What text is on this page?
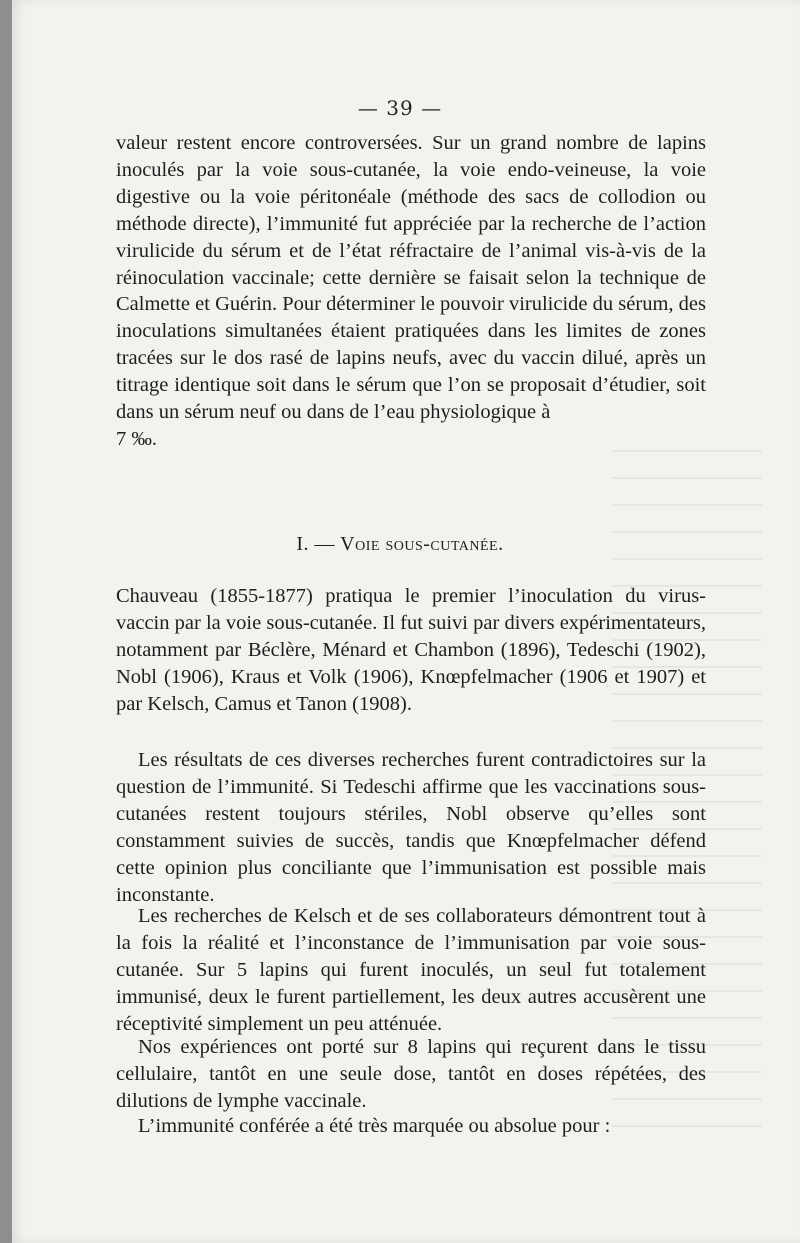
— 39 —
valeur restent encore controversées. Sur un grand nombre de lapins inoculés par la voie sous-cutanée, la voie endo-veineuse, la voie digestive ou la voie péritonéale (méthode des sacs de collodion ou méthode directe), l’immunité fut appréciée par la recherche de l’action virulicide du sérum et de l’état réfractaire de l’animal vis-à-vis de la réinoculation vaccinale; cette dernière se faisait selon la technique de Calmette et Guérin. Pour déterminer le pouvoir virulicide du sérum, des inoculations simultanées étaient pratiquées dans les limites de zones tracées sur le dos rasé de lapins neufs, avec du vaccin dilué, après un titrage identique soit dans le sérum que l’on se proposait d’étudier, soit dans un sérum neuf ou dans de l’eau physiologique à
7 ‰.
I. — Voie sous-cutanée.
Chauveau (1855-1877) pratiqua le premier l’inoculation du virus-vaccin par la voie sous-cutanée. Il fut suivi par divers expérimentateurs, notamment par Béclère, Ménard et Chambon (1896), Tedeschi (1902), Nobl (1906), Kraus et Volk (1906), Knœpfelmacher (1906 et 1907) et par Kelsch, Camus et Tanon (1908).
Les résultats de ces diverses recherches furent contradictoires sur la question de l’immunité. Si Tedeschi affirme que les vaccinations sous-cutanées restent toujours stériles, Nobl observe qu’elles sont constamment suivies de succès, tandis que Knœpfelmacher défend cette opinion plus conciliante que l’immunisation est possible mais inconstante.
Les recherches de Kelsch et de ses collaborateurs démontrent tout à la fois la réalité et l’inconstance de l’immunisation par voie sous-cutanée. Sur 5 lapins qui furent inoculés, un seul fut totalement immunisé, deux le furent partiellement, les deux autres accusèrent une réceptivité simplement un peu atténuée.
Nos expériences ont porté sur 8 lapins qui reçurent dans le tissu cellulaire, tantôt en une seule dose, tantôt en doses répétées, des dilutions de lymphe vaccinale.
L’immunité conférée a été très marquée ou absolue pour :
